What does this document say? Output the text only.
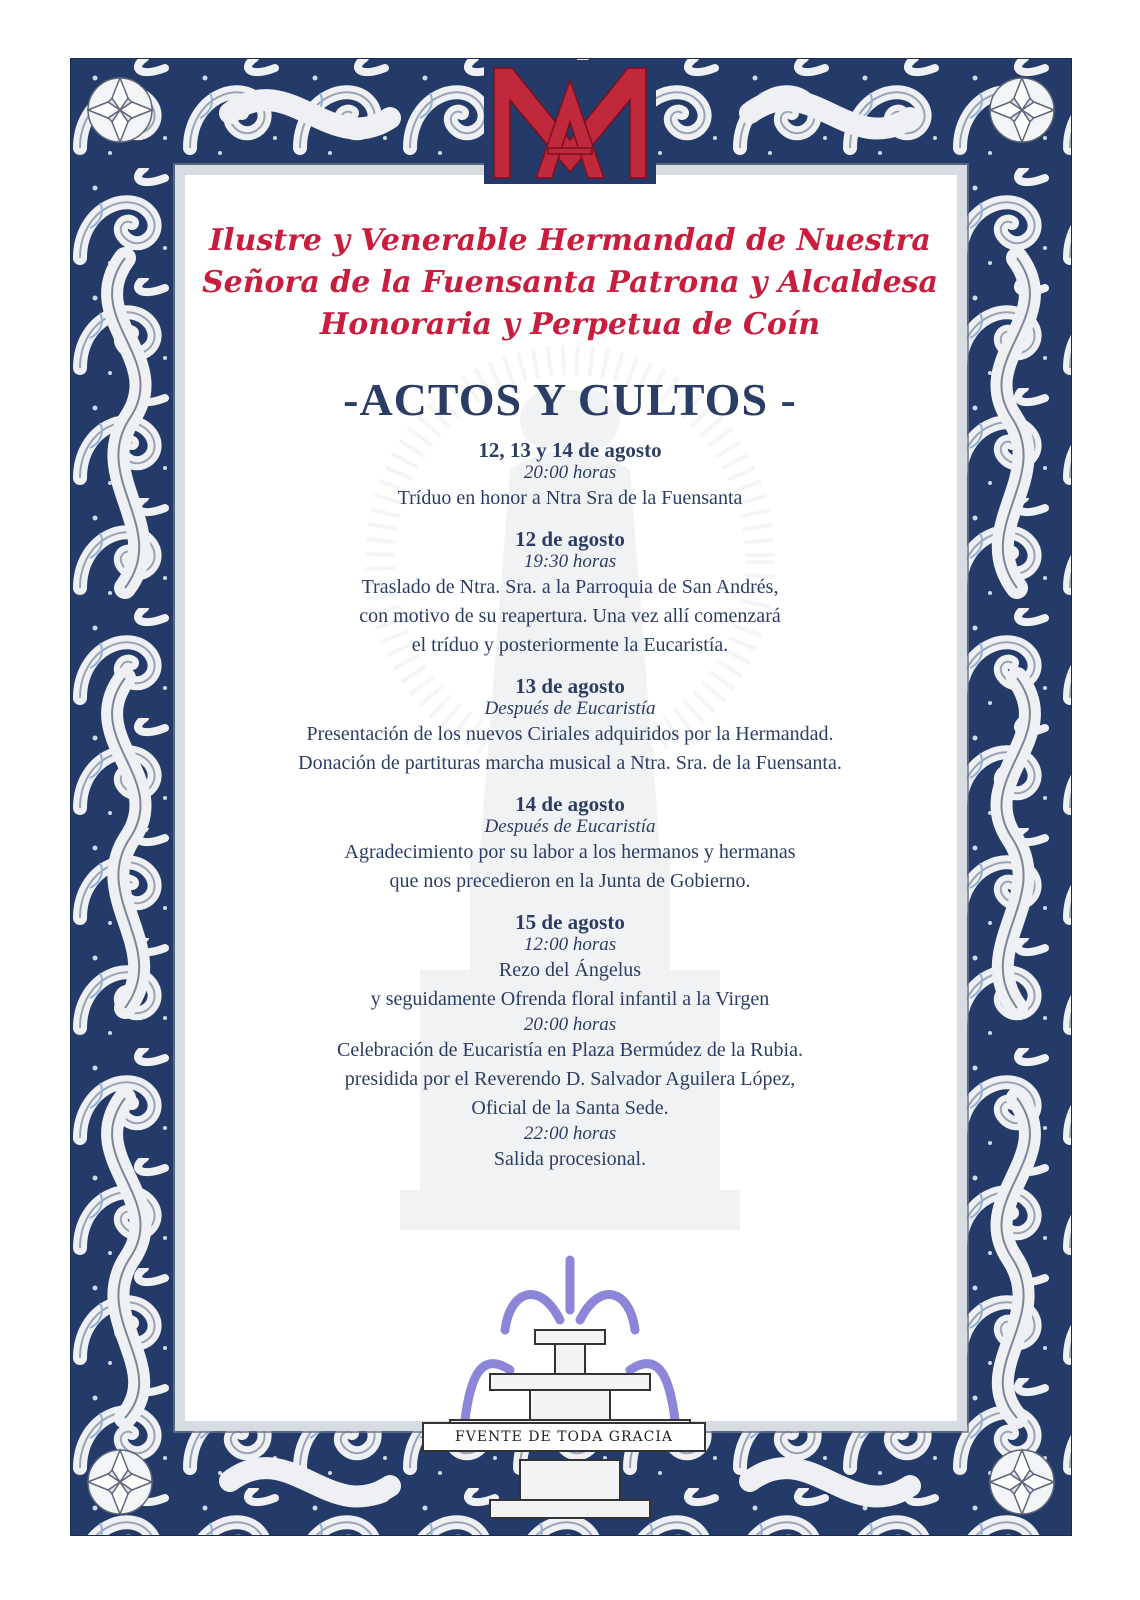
Ilustre y Venerable Hermandad de Nuestra
Señora de la Fuensanta Patrona y Alcaldesa
Honoraria y Perpetua de Coín
-ACTOS Y CULTOS -
12, 13 y 14 de agosto
20:00 horas
Tríduo en honor a Ntra Sra de la Fuensanta
12 de agosto
19:30 horas
Traslado de Ntra. Sra. a la Parroquia de San Andrés,
con motivo de su reapertura. Una vez allí comenzará
el tríduo y posteriormente la Eucaristía.
13 de agosto
Después de Eucaristía
Presentación de los nuevos Ciriales adquiridos por la Hermandad.
Donación de partituras marcha musical a Ntra. Sra. de la Fuensanta.
14 de agosto
Después de Eucaristía
Agradecimiento por su labor a los hermanos y hermanas
que nos precedieron en la Junta de Gobierno.
15 de agosto
12:00 horas
Rezo del Ángelus
y seguidamente Ofrenda floral infantil a la Virgen
20:00 horas
Celebración de Eucaristía en Plaza Bermúdez de la Rubia.
presidida por el Reverendo D. Salvador Aguilera López,
Oficial de la Santa Sede.
22:00 horas
Salida procesional.
FVENTE DE TODA GRACIA
